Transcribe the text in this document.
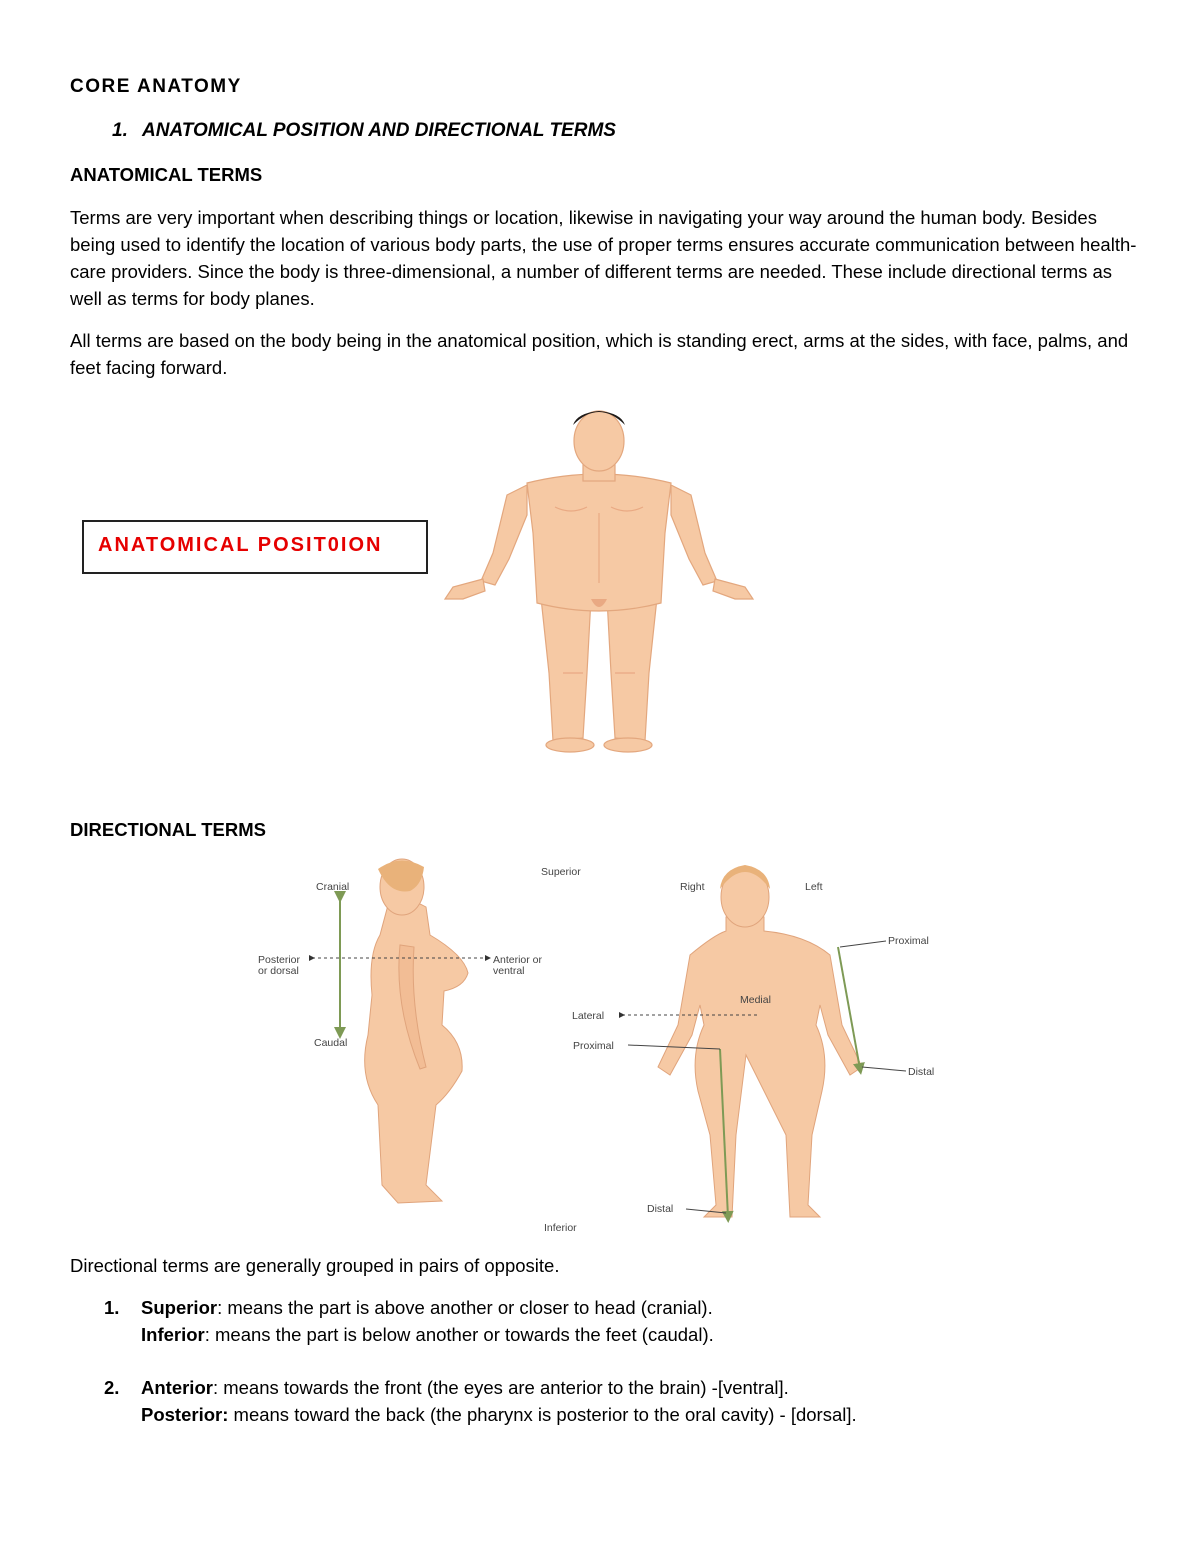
CORE ANATOMY
1. ANATOMICAL POSITION AND DIRECTIONAL TERMS
ANATOMICAL TERMS

Terms are very important when describing things or location, likewise in navigating your way around the human body. Besides being used to identify the location of various body parts, the use of proper terms ensures accurate communication between health-care providers. Since the body is three-dimensional, a number of different terms are needed. These include directional terms as well as terms for body planes.

All terms are based on the body being in the anatomical position, which is standing erect, arms at the sides, with face, palms, and feet facing forward.

ANATOMICAL POSIT0ION
DIRECTIONAL TERMS
Cranial
Caudal
Posterior
or dorsal
Anterior or
ventral
Superior
Inferior
Right	Left
Proximal
Medial
Lateral
Proximal
Distal
Distal

Directional terms are generally grouped in pairs of opposite.

1. Superior: means the part is above another or closer to head (cranial).
Inferior: means the part is below another or towards the feet (caudal).
2. Anterior: means towards the front (the eyes are anterior to the brain) -[ventral].
Posterior: means toward the back (the pharynx is posterior to the oral cavity) - [dorsal].
